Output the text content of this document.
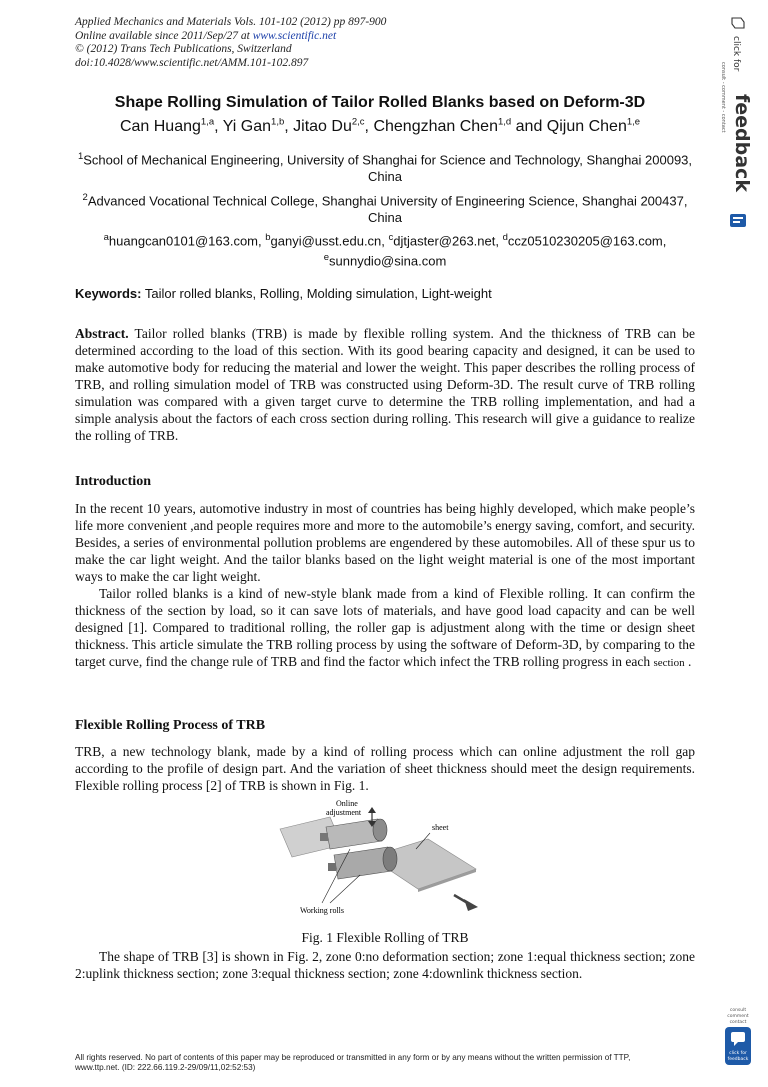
Applied Mechanics and Materials Vols. 101-102 (2012) pp 897-900
Online available since 2011/Sep/27 at www.scientific.net
© (2012) Trans Tech Publications, Switzerland
doi:10.4028/www.scientific.net/AMM.101-102.897
Shape Rolling Simulation of Tailor Rolled Blanks based on Deform-3D
Can Huang$^{1,a}$, Yi Gan$^{1,b}$, Jitao Du$^{2,c}$, Chengzhan Chen$^{1,d}$ and Qijun Chen$^{1,e}$
$^1$School of Mechanical Engineering, University of Shanghai for Science and Technology, Shanghai 200093, China
$^2$Advanced Vocational Technical College, Shanghai University of Engineering Science, Shanghai 200437, China
$^a$huangcan0101@163.com, $^b$ganyi@usst.edu.cn, $^c$djtjaster@263.net, $^d$ccz0510230205@163.com, $^e$sunnydio@sina.com
Keywords: Tailor rolled blanks, Rolling, Molding simulation, Light-weight

Abstract. Tailor rolled blanks (TRB) is made by flexible rolling system. And the thickness of TRB can be determined according to the load of this section. With its good bearing capacity and designed, it can be used to make automotive body for reducing the material and lower the weight. This paper describes the rolling process of TRB, and rolling simulation model of TRB was constructed using Deform-3D. The result curve of TRB rolling simulation was compared with a given target curve to determine the TRB rolling implementation, and had a simple analysis about the factors of each cross section during rolling. This research will give a guidance to realize the rolling of TRB.

Introduction

In the recent 10 years, automotive industry in most of countries has being highly developed, which make people’s life more convenient ,and people requires more and more to the automobile’s energy saving, comfort, and security. Besides, a series of environmental pollution problems are engendered by these automobiles. All of these spur us to make the car light weight. And the tailor blanks based on the light weight material is one of the most important ways to make the car light weight.

Tailor rolled blanks is a kind of new-style blank made from a kind of Flexible rolling. It can confirm the thickness of the section by load, so it can save lots of materials, and have good load capacity and can be well designed [1]. Compared to traditional rolling, the roller gap is adjustment along with the time or design sheet thickness. This article simulate the TRB rolling process by using the software of Deform-3D, by comparing to the target curve, find the change rule of TRB and find the factor which infect the TRB rolling progress in each section .

Flexible Rolling Process of TRB

TRB, a new technology blank, made by a kind of rolling process which can online adjustment the roll gap according to the profile of design part. And the variation of sheet thickness should meet the design requirements. Flexible rolling process [2] of TRB is shown in Fig. 1.

Online
adjustment
sheet
Working rolls
Fig. 1 Flexible Rolling of TRB
The shape of TRB [3] is shown in Fig. 2, zone 0:no deformation section; zone 1:equal thickness section; zone 2:uplink thickness section; zone 3:equal thickness section; zone 4:downlink thickness section.
All rights reserved. No part of contents of this paper may be reproduced or transmitted in any form or by any means without the written permission of TTP,
www.ttp.net. (ID: 222.66.119.2-29/09/11,02:52:53)
click for
consult - comment - contact feedback
consult
comment
contact
click for
feedback
